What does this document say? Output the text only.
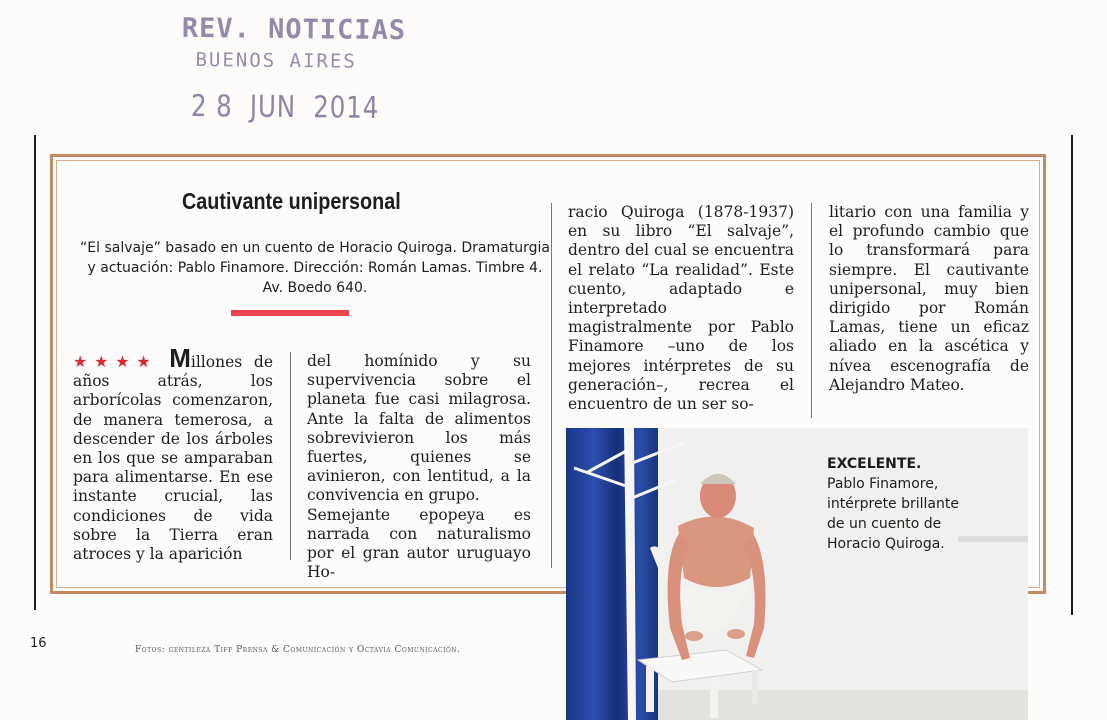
REV. NOTICIAS
BUENOS AIRES
2 8  JUN  2014
Cautivante unipersonal
“El salvaje” basado en un cuento de Horacio Quiroga. Dramaturgia y actuación: Pablo Finamore. Dirección: Román Lamas. Timbre 4. Av. Boedo 640.

★★★★ Millones de años atrás, los arborícolas comenzaron, de manera temerosa, a descender de los árboles en los que se amparaban para alimentarse. En ese instante crucial, las condiciones de vida sobre la Tierra eran atroces y la aparición

del homínido y su supervivencia sobre el planeta fue casi milagrosa. Ante la falta de alimentos sobrevivieron los más fuertes, quienes se avinieron, con lentitud, a la convivencia en grupo.

Semejante epopeya es narrada con naturalismo por el gran autor uruguayo Ho-

racio Quiroga (1878-1937) en su libro “El salvaje”, dentro del cual se encuentra el relato “La realidad”. Este cuento, adaptado e interpretado magistralmente por Pablo Finamore –uno de los mejores intérpretes de su generación–, recrea el encuentro de un ser so-

litario con una familia y el profundo cambio que lo transformará para siempre. El cautivante unipersonal, muy bien dirigido por Román Lamas, tiene un eficaz aliado en la ascética y nívea escenografía de Alejandro Mateo.

EXCELENTE.
Pablo Finamore, intérprete brillante de un cuento de Horacio Quiroga.
16	Fotos: gentileza Tiff Prensa & Comunicación y Octavia Comunicación.
